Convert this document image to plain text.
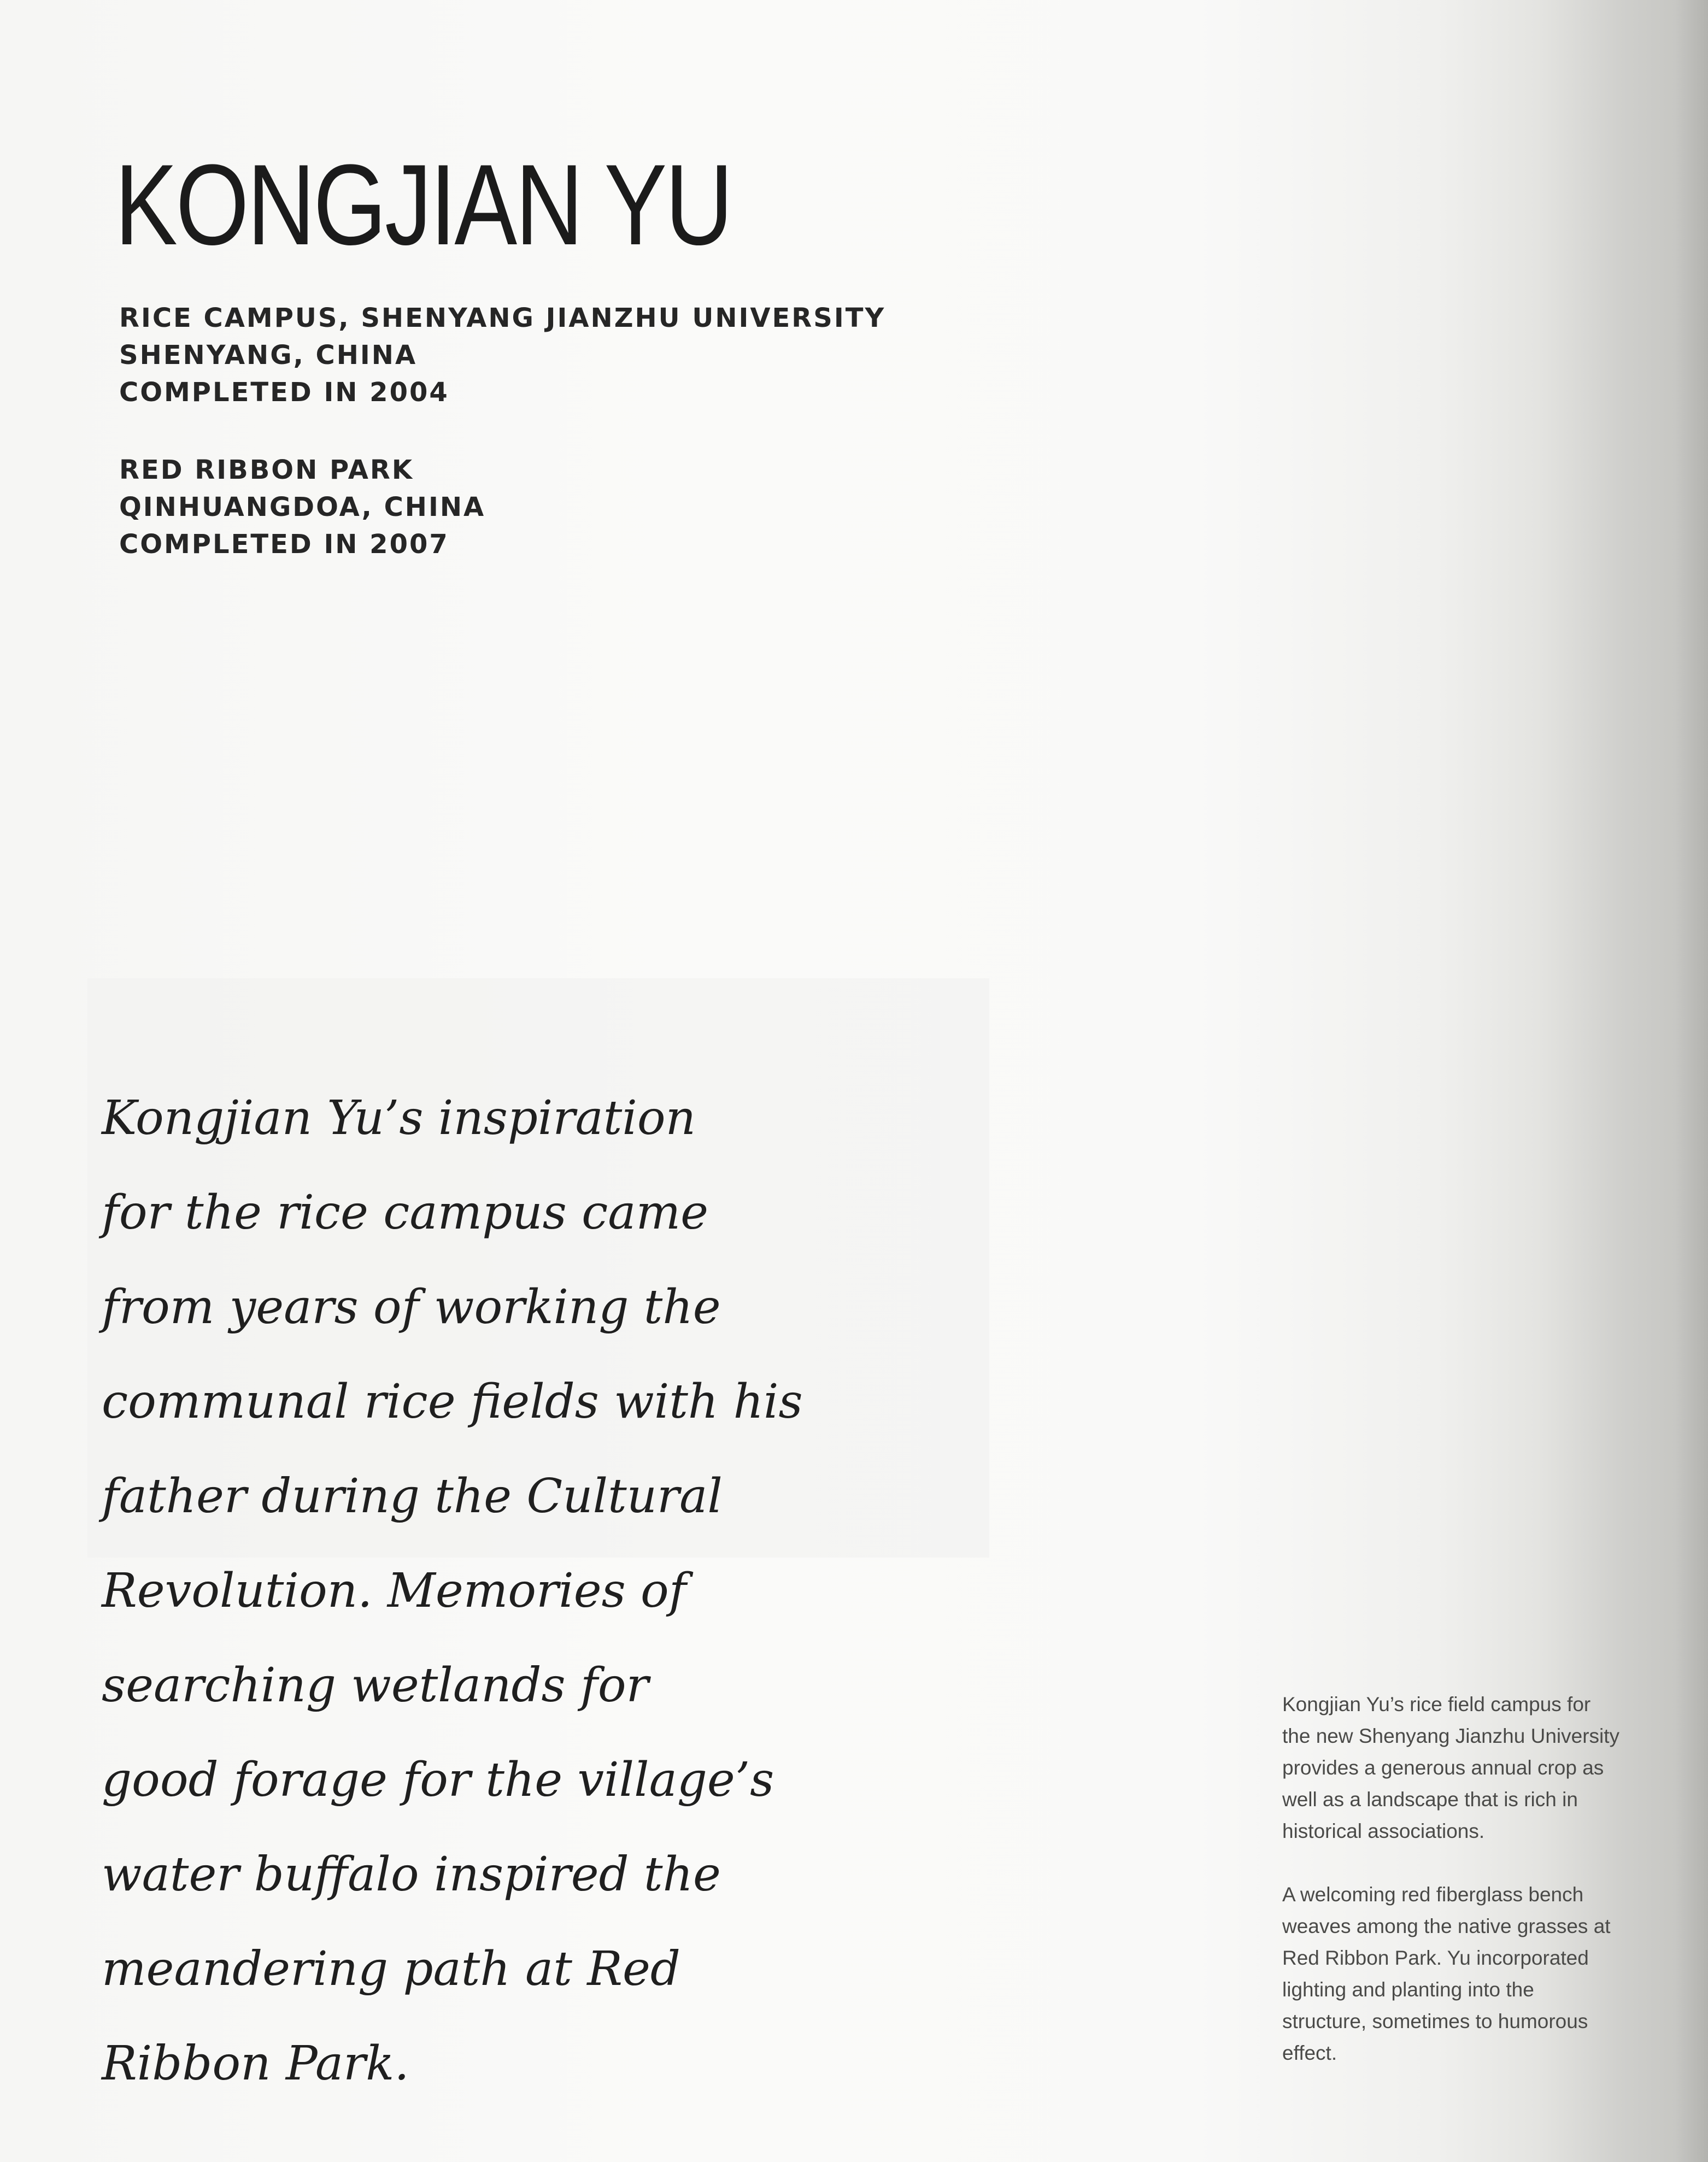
KONGJIAN YU
RICE CAMPUS, SHENYANG JIANZHU UNIVERSITY
SHENYANG, CHINA
COMPLETED IN 2004
RED RIBBON PARK
QINHUANGDOA, CHINA
COMPLETED IN 2007
Kongjian Yu’s inspiration
for the rice campus came
from years of working the
communal rice fields with his
father during the Cultural
Revolution. Memories of
searching wetlands for
good forage for the village’s
water buffalo inspired the
meandering path at Red
Ribbon Park.

Kongjian Yu’s rice field campus for the new Shenyang Jianzhu University provides a generous annual crop as well as a landscape that is rich in historical associations.

A welcoming red fiberglass bench weaves among the native grasses at Red Ribbon Park. Yu incorporated lighting and planting into the structure, sometimes to humorous effect.
